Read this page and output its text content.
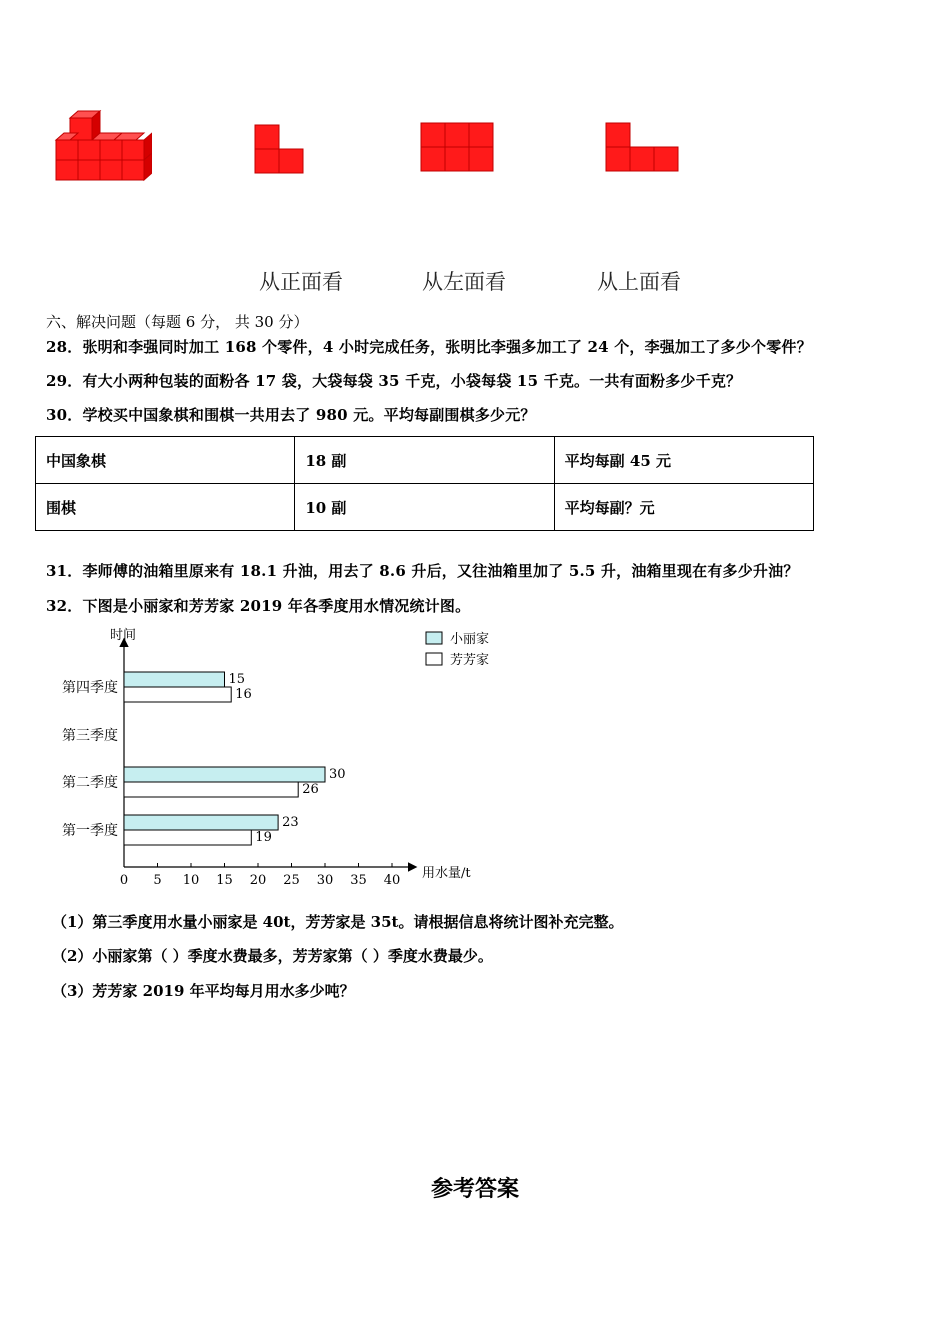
从正面看	从左面看	从上面看
六、解决问题（每题 6 分， 共 30 分）
28．张明和李强同时加工 168 个零件，4 小时完成任务，张明比李强多加工了 24 个，李强加工了多少个零件？
29．有大小两种包装的面粉各 17 袋，大袋每袋 35 千克，小袋每袋 15 千克。一共有面粉多少千克？
30．学校买中国象棋和围棋一共用去了 980 元。平均每副围棋多少元？
中国象棋	18 副	平均每副 45 元
围棋	10 副	平均每副？元
31．李师傅的油箱里原来有 18.1 升油，用去了 8.6 升后，又往油箱里加了 5.5 升，油箱里现在有多少升油？
32．下图是小丽家和芳芳家 2019 年各季度用水情况统计图。
时间
用水量/t
0 5 10 15 20 25 30 35 40
第一季度
第二季度
第三季度
第四季度
23
30
15
19
26
16
小丽家
芳芳家
（1）第三季度用水量小丽家是 40t，芳芳家是 35t。请根据信息将统计图补充完整。
（2）小丽家第（ ）季度水费最多，芳芳家第（ ）季度水费最少。
（3）芳芳家 2019 年平均每月用水多少吨？
参考答案
